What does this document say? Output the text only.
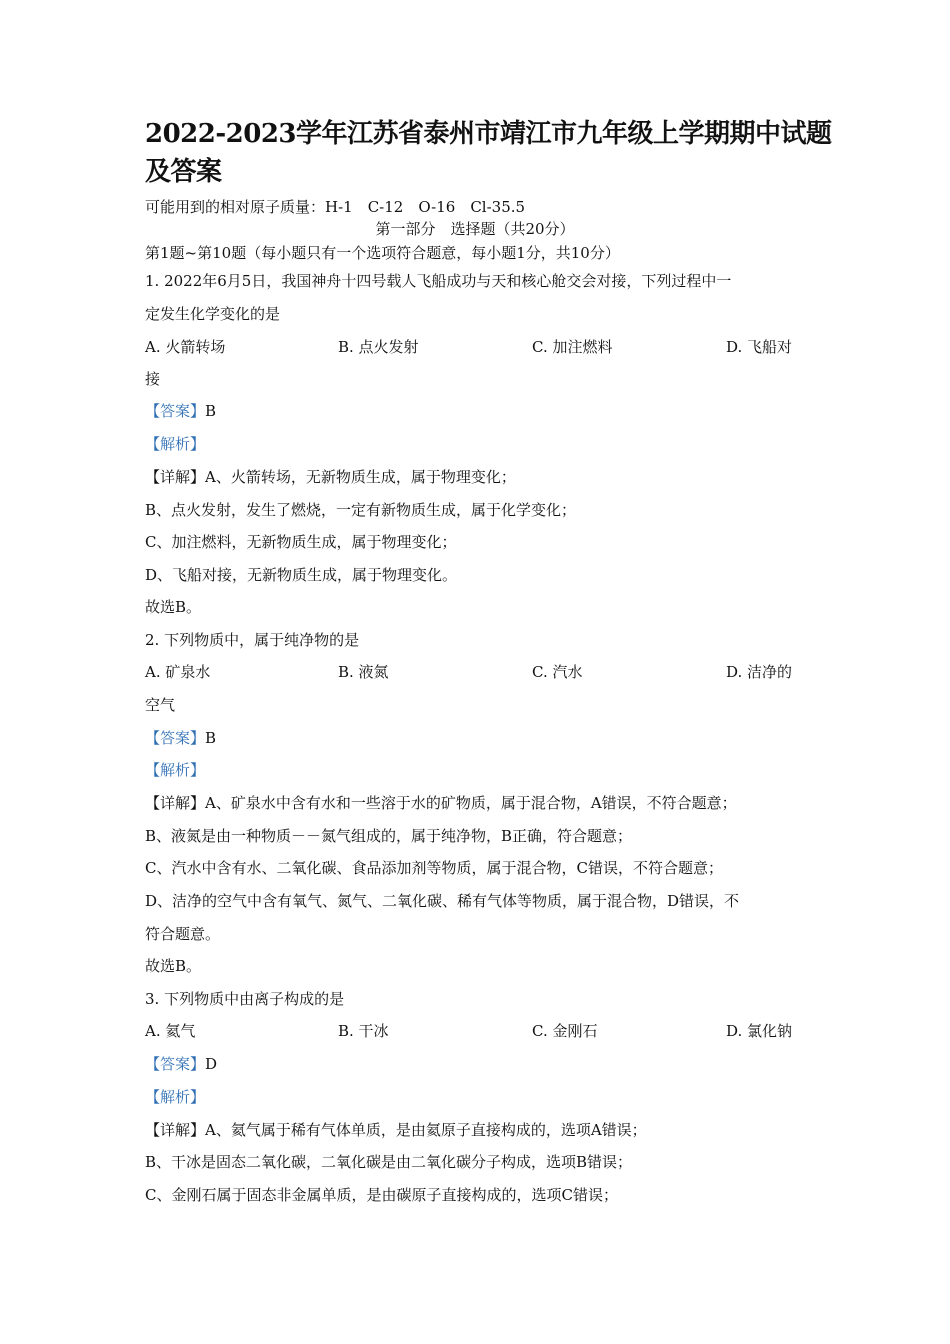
2022-2023学年江苏省泰州市靖江市九年级上学期期中试题
及答案
可能用到的相对原子质量：H-1　C-12　O-16　Cl-35.5
第一部分　选择题（共20分）
第1题~第10题（每小题只有一个选项符合题意，每小题1分，共10分）
1. 2022年6月5日，我国神舟十四号载人飞船成功与天和核心舱交会对接，下列过程中一
定发生化学变化的是
A. 火箭转场	B. 点火发射	C. 加注燃料	D. 飞船对
接
【答案】B
【解析】
【详解】A、火箭转场，无新物质生成，属于物理变化；
B、点火发射，发生了燃烧，一定有新物质生成，属于化学变化；
C、加注燃料，无新物质生成，属于物理变化；
D、飞船对接，无新物质生成，属于物理变化。
故选B。
2. 下列物质中，属于纯净物的是
A. 矿泉水	B. 液氮	C. 汽水	D. 洁净的
空气
【答案】B
【解析】
【详解】A、矿泉水中含有水和一些溶于水的矿物质，属于混合物，A错误，不符合题意；
B、液氮是由一种物质－－氮气组成的，属于纯净物，B正确，符合题意；
C、汽水中含有水、二氧化碳、食品添加剂等物质，属于混合物，C错误，不符合题意；
D、洁净的空气中含有氧气、氮气、二氧化碳、稀有气体等物质，属于混合物，D错误，不
符合题意。
故选B。
3. 下列物质中由离子构成的是
A. 氦气	B. 干冰	C. 金刚石	D. 氯化钠
【答案】D
【解析】
【详解】A、氦气属于稀有气体单质，是由氦原子直接构成的，选项A错误；
B、干冰是固态二氧化碳，二氧化碳是由二氧化碳分子构成，选项B错误；
C、金刚石属于固态非金属单质，是由碳原子直接构成的，选项C错误；
